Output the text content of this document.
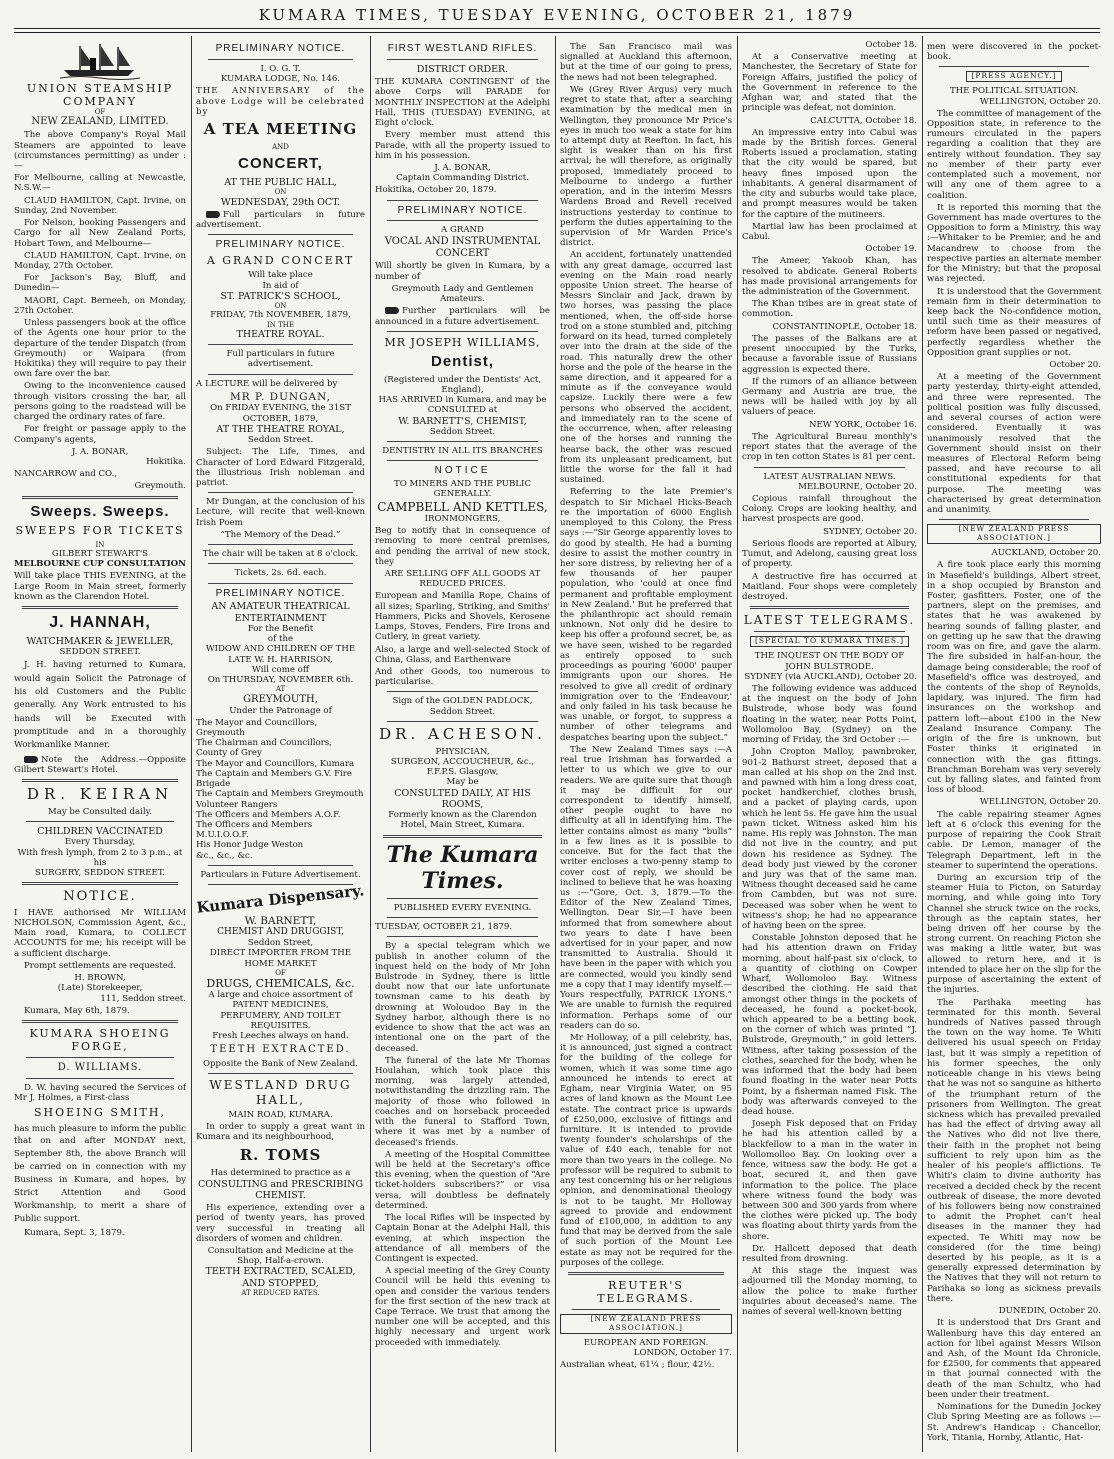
KUMARA TIMES, TUESDAY EVENING, OCTOBER 21, 1879
UNION STEAMSHIP COMPANY
OF
NEW ZEALAND, LIMITED.
The above Company's Royal Mail Steamers are appointed to leave (circumstances permitting) as under :—
For Melbourne, calling at Newcastle, N.S.W.—
CLAUD HAMILTON, Capt. Irvine, on Sunday, 2nd November.
For Nelson, booking Passengers and Cargo for all New Zealand Ports, Hobart Town, and Melbourne—
CLAUD HAMILTON, Capt. Irvine, on Monday, 27th October.
For Jackson's Bay, Bluff, and Dunedin—
MAORI, Capt. Berneeh, on Monday, 27th October.
Unless passengers book at the office of the Agents one hour prior to the departure of the tender Dispatch (from Greymouth) or Waipara (from Hokitika) they will require to pay their own fare over the bar.
Owing to the inconvenience caused through visitors crossing the bar, all persons going to the roadstead will be charged the ordinary rates of fare.
For freight or passage apply to the Company's agents,
J. A. BONAR,
Hokitika.
NANCARROW and CO.,
Greymouth.
Sweeps. Sweeps.
SWEEPS FOR TICKETS
IN
GILBERT STEWART'S
MELBOURNE CUP CONSULTATION
Will take place THIS EVENING, at the Large Room in Main street, formerly known as the Clarendon Hotel.
J. HANNAH,
WATCHMAKER & JEWELLER,
SEDDON STREET.
J. H. having returned to Kumara, would again Solicit the Patronage of his old Customers and the Public generally. Any Work entrusted to his hands will be Executed with promptitude and in a thoroughly Workmanlike Manner.
Note the Address.—Opposite Gilbert Stewart's Hotel.
DR. KEIRAN
May be Consulted daily.
CHILDREN VACCINATED
Every Thursday,
With fresh lymph, from 2 to 3 p.m., at his
SURGERY, SEDDON STREET.
NOTICE.
I HAVE authorised Mr WILLIAM NICHOLSON, Commission Agent, &c., Main road, Kumara, to COLLECT ACCOUNTS for me; his receipt will be a sufficient discharge.
Prompt settlements are requested.
H. BROWN,
(Late) Storekeeper,
111, Seddon street.
Kumara, May 6th, 1879.
KUMARA SHOEING FORGE,
D. WILLIAMS.
D. W. having secured the Services of Mr J. Holmes, a First-class
SHOEING SMITH,
has much pleasure to inform the public that on and after MONDAY next, September 8th, the above Branch will be carried on in connection with my Business in Kumara, and hopes, by Strict Attention and Good Workmanship, to merit a share of Public support.
Kumara, Sept. 3, 1879.
PRELIMINARY NOTICE.
I. O. G. T.
KUMARA LODGE, No. 146.
THE ANNIVERSARY of the above Lodge will be celebrated by
A TEA MEETING
AND
CONCERT,
AT THE PUBLIC HALL,
ON
WEDNESDAY, 29th OCT.
Full particulars in future advertisement.
PRELIMINARY NOTICE.
A GRAND CONCERT
Will take place
In aid of
ST. PATRICK'S SCHOOL,
ON
FRIDAY, 7th NOVEMBER, 1879,
IN THE
THEATRE ROYAL.
Full particulars in future advertisement.
A LECTURE will be delivered by
MR P. DUNGAN,
On FRIDAY EVENING, the 31ST OCTOBER, 1879,
AT THE THEATRE ROYAL,
Seddon Street.
Subject: The Life, Times, and Character of Lord Edward Fitzgerald, the illustrious Irish nobleman and patriot.
Mr Dungan, at the conclusion of his Lecture, will recite that well-known Irish Poem
“The Memory of the Dead.”
The chair will be taken at 8 o'clock.
Tickets, 2s. 6d. each.
PRELIMINARY NOTICE.
AN AMATEUR THEATRICAL ENTERTAINMENT
For the Benefit
of the
WIDOW AND CHILDREN OF THE LATE W. H. HARRISON,
Will come off
On THURSDAY, NOVEMBER 6th.
AT
GREYMOUTH,
Under the Patronage of
The Mayor and Councillors, Greymouth
The Chairman and Councillors, County of Grey
The Mayor and Councillors, Kumara
The Captain and Members G.V. Fire Brigade
The Captain and Members Greymouth Volunteer Rangers
The Officers and Members A.O.F.
The Officers and Members M.U.I.O.O.F.
His Honor Judge Weston
&c., &c., &c.
Particulars in Future Advertisement.
Kumara Dispensary.
W. BARNETT,
CHEMIST AND DRUGGIST,
Seddon Street,
DIRECT IMPORTER FROM THE HOME MARKET
OF
DRUGS, CHEMICALS, &c.
A large and choice assortment of
PATENT MEDICINES,
PERFUMERY, AND TOILET REQUISITES.
Fresh Leeches always on hand.
TEETH EXTRACTED.
Opposite the Bank of New Zealand.
WESTLAND DRUG HALL,
MAIN ROAD, KUMARA.
In order to supply a great want in Kumara and its neighbourhood,
R. TOMS
Has determined to practice as a
CONSULTING and PRESCRIBING CHEMIST.
His experience, extending over a period of twenty years, has proved very successful in treating all disorders of women and children.
Consultation and Medicine at the Shop, Half-a-crown.
TEETH EXTRACTED, SCALED, AND STOPPED,
AT REDUCED RATES.
FIRST WESTLAND RIFLES.
DISTRICT ORDER.
THE KUMARA CONTINGENT of the above Corps will PARADE for MONTHLY INSPECTION at the Adelphi Hall, THIS (TUESDAY) EVENING, at Eight o'clock.
Every member must attend this Parade, with all the property issued to him in his possession.
J. A. BONAR,
Captain Commanding District.
Hokitika, October 20, 1879.
PRELIMINARY NOTICE.
A GRAND
VOCAL AND INSTRUMENTAL CONCERT
Will shortly be given in Kumara, by a number of
Greymouth Lady and Gentlemen Amateurs.
Further particulars will be announced in a future advertisement.
MR JOSEPH WILLIAMS,
Dentist,
(Registered under the Dentists' Act, England),
HAS ARRIVED in Kumara, and may be CONSULTED at
W. BARNETT'S, CHEMIST,
Seddon Street.
DENTISTRY IN ALL ITS BRANCHES
NOTICE
TO MINERS AND THE PUBLIC GENERALLY.
CAMPBELL AND KETTLES,
IRONMONGERS,
Beg to notify that in consequence of removing to more central premises, and pending the arrival of new stock, they
ARE SELLING OFF ALL GOODS AT REDUCED PRICES.
European and Manilla Rope, Chains of all sizes; Sparling, Striking, and Smiths' Hammers, Picks and Shovels, Kerosene Lamps, Stoves, Fenders, Fire Irons and Cutlery, in great variety.
Also, a large and well-selected Stock of China, Glass, and Earthenware
And other Goods, too numerous to particularise.
Sign of the GOLDEN PADLOCK, Seddon Street.
DR. ACHESON.
PHYSICIAN,
SURGEON, ACCOUCHEUR, &c.,
F.F.P.S. Glasgow,
May be
CONSULTED DAILY, AT HIS ROOMS,
Formerly known as the Clarendon Hotel, Main Street, Kumara.
The Kumara Times.
PUBLISHED EVERY EVENING.
TUESDAY, OCTOBER 21, 1879.
By a special telegram which we publish in another column of the inquest held on the body of Mr John Bulstrode in Sydney, there is little doubt now that our late unfortunate townsman came to his death by drowning at Woloudoo Bay in the Sydney harbor, although there is no evidence to show that the act was an intentional one on the part of the deceased.
The funeral of the late Mr Thomas Houlahan, which took place this morning, was largely attended, notwithstanding the drizzling rain. The majority of those who followed in coaches and on horseback proceeded with the funeral to Stafford Town, where it was met by a number of deceased's friends.
A meeting of the Hospital Committee will be held at the Secretary's office this evening, when the question of “Are ticket-holders subscribers?” or visa versa, will doubtless be definately determined.
The local Rifles will be inspected by Captain Bonar at the Adelphi Hall, this evening, at which inspection the attendance of all members of the Contingent is expected.
A special meeting of the Grey County Council will be held this evening to open and consider the various tenders for the first section of the new track at Cape Terrace. We trust that among the number one will be accepted, and this highly necessary and urgent work proceeded with immediately.
The San Francisco mail was signalled at Auckland this afternoon, but at the time of our going to press, the news had not been telegraphed.
We (Grey River Argus) very much regret to state that, after a searching examination by the medical men in Wellington, they pronounce Mr Price's eyes in much too weak a state for him to attempt duty at Reefton. In fact, his sight is weaker than on his first arrival; he will therefore, as originally proposed, immediately proceed to Melbourne to undergo a further operation, and in the interim Messrs Wardens Broad and Revell received instructions yesterday to continue to perform the duties appertaining to the supervision of Mr Warden Price's district.
An accident, fortunately unattended with any great damage, occurred last evening on the Main road nearly opposite Union street. The hearse of Messrs Sinclair and Jack, drawn by two horses, was passing the place mentioned, when, the off-side horse trod on a stone stumbled and, pitching forward on its head, turned completely over into the drain at the side of the road. This naturally drew the other horse and the pole of the hearse in the same direction, and it appeared for a minute as if the conveyance would capsize. Luckily there were a few persons who observed the accident, and immediately ran to the scene of the occurrence, when, after releasing one of the horses and running the hearse back, the other was rescued from its unpleasant predicament, but little the worse for the fall it had sustained.
Referring to the late Premier's despatch to Sir Michael Hicks-Beach re the importation of 6000 English unemployed to this Colony, the Press says :—“Sir George apparently loves to do good by stealth. He had a burning desire to assist the mother country in her sore distress, by relieving her of a few thousands of her pauper population, who 'could at once find permanent and profitable employment in New Zealand.' But he preferred that the philanthropic act should remain unknown. Not only did he desire to keep his offer a profound secret, be, as we have seen, wished to be regarded as entirely opposed to such proceedings as pouring '6000' pauper immigrants upon our shores. He resolved to give all credit of ordinary immigration over to the 'Endeavour,' and only failed in his task because he was unable, or forgot, to suppress a number of other telegrams and despatches bearing upon the subject.”
The New Zealand Times says :—A real true Irishman has forwarded a letter to us which we give to our readers. We are quite sure that though it may be difficult for our correspondent to identify himself, other people ought to have no difficulty at all in identifying him. The letter contains almost as many “bulls” in a few lines as it is possible to conceive. But for the fact that the writer encloses a two-penny stamp to cover cost of reply, we should be inclined to believe that he was hoaxing us :—“Gore, Oct. 3, 1879.—To the Editor of the New Zealand Times, Wellington. Dear Sir,—I have been informed that from somewhere about two years to date I have been advertised for in your paper, and now transmitted to Australia. Should it have been in the paper with which you are connected, would you kindly send me a copy that I may identify myself.—Yours respectfully, PATRICK LYONS.” We are unable to furnish the required information. Perhaps some of our readers can do so.
Mr Holloway, of a pill celebrity, has, it is announced, just signed a contract for the building of the college for women, which it was some time ago announced he intends to erect at Egham, near Virginia Water, on 95 acres of land known as the Mount Lee estate. The contract price is upwards of £250,000, exclusive of fittings and furniture. It is intended to provide twenty founder's scholarships of the value of £40 each, tenable for not more than two years in the college. No professor will be required to submit to any test concerning his or her religious opinion, and denominational theology is not to be taught. Mr Holloway agreed to provide and endowment fund of £100,000, in addition to any fund that may be derived from the sale of such portion of the Mount Lee estate as may not be required for the purposes of the college.
REUTER'S TELEGRAMS.
[NEW ZEALAND PRESS ASSOCIATION.]
EUROPEAN AND FOREIGN.
LONDON, October 17.
Australian wheat, 61¼ ; flour, 42½.
October 18.
At a Conservative meeting at Manchester, the Secretary of State for Foreign Affairs, justified the policy of the Government in reference to the Afghan war, and stated that the principle was defeat, not dominion.
CALCUTTA, October 18.
An impressive entry into Cabul was made by the British forces. General Roberts issued a proclamation, stating that the city would be spared, but heavy fines imposed upon the inhabitants. A general disarmament of the city and suburbs would take place, and prompt measures would be taken for the capture of the mutineers.
Martial law has been proclaimed at Cabul.
October 19.
The Ameer, Yakoob Khan, has resolved to abdicate. General Roberts has made provisional arrangements for the administration of the Government.
The Khan tribes are in great state of commotion.
CONSTANTINOPLE, October 18.
The passes of the Balkans are at present unoccupied by the Turks, because a favorable issue of Russians aggression is expected there.
If the rumors of an alliance between Germany and Austria are true, the news will be hailed with joy by all valuers of peace.
NEW YORK, October 16.
The Agricultural Bureau monthly's report states that the average of the crop in ten cotton States is 81 per cent.
LATEST AUSTRALIAN NEWS.
MELBOURNE, October 20.
Copious rainfall throughout the Colony. Crops are looking healthy, and harvest prospects are good.
SYDNEY, October 20.
Serious floods are reported at Albury, Tumut, and Adelong, causing great loss of property.
A destructive fire has occurred at Maitland. Four shops were completely destroyed.
LATEST TELEGRAMS.
[SPECIAL TO KUMARA TIMES.]
THE INQUEST ON THE BODY OF JOHN BULSTRODE.
SYDNEY (via AUCKLAND), October 20.
The following evidence was adduced at the inquest on the body of John Bulstrode, whose body was found floating in the water, near Potts Point, Wollomoloo Bay, (Sydney) on the morning of Friday, the 3rd October :—
John Cropton Malloy, pawnbroker, 901-2 Bathurst street, deposed that a man called at his shop on the 2nd inst. and pawned with him a long dress coat, pocket handkerchief, clothes brush, and a packet of playing cards, upon which he lent 5s. He gave him the usual pawn ticket. Witness asked him his name. His reply was Johnston. The man did not live in the country, and put down his residence as Sydney. The dead body just viewed by the coroner and jury was that of the same man. Witness thought deceased said he came from Cambden, but was not sure. Deceased was sober when he went to witness's shop; he had no appearance of having been on the spree.
Constable Johnston deposed that he had his attention drawn on Friday morning, about half-past six o'clock, to a quantity of clothing on Cowper Wharf, Wollomoloo Bay. Witness described the clothing. He said that amongst other things in the pockets of deceased, he found a pocket-book, which appeared to be a betting book, on the corner of which was printed “J. Bulstrode, Greymouth,” in gold letters. Witness, after taking possession of the clothes, searched for the body, when he was informed that the body had been found floating in the water near Potts Point, by a fisherman named Fisk. The body was afterwards conveyed to the dead house.
Joseph Fisk deposed that on Friday he had his attention called by a blackfellow to a man in the water in Wollomolloo Bay. On looking over a fence, witness saw the body. He got a boat, secured it, and then gave information to the police. The place where witness found the body was between 300 and 300 yards from where the clothes were picked up. The body was floating about thirty yards from the shore.
Dr. Hallcett deposed that death resulted from drowning.
At this stage the inquest was adjourned till the Monday morning, to allow the police to make further inquiries about deceased's name. The names of several well-known betting
men were discovered in the pocket-book.
[PRESS AGENCY.]
THE POLITICAL SITUATION.
WELLINGTON, October 20.
The committee of management of the Opposition state, in reference to the rumours circulated in the papers regarding a coalition that they are entirely without foundation. They say no member of their party ever contemplated such a movement, nor will any one of them agree to a coalition.
It is reported this morning that the Government has made overtures to the Opposition to form a Ministry, this way :—Whitaker to be Premier, and he and Macandrew to choose from the respective parties an alternate member for the Ministry; but that the proposal was rejected.
It is understood that the Government remain firm in their determination to keep back the No-confidence motion, until such time as their measures of reform have been passed or negatived, perfectly regardless whether the Opposition grant supplies or not.
October 20.
At a meeting of the Government party yesterday, thirty-eight attended, and three were represented. The political position was fully discussed, and several courses of action were considered. Eventually it was unanimously resolved that the Government should insist on their measures of Electoral Reform being passed, and have recourse to all constitutional expedients for that purpose. The meeting was characterised by great determination and unanimity.
[NEW ZEALAND PRESS ASSOCIATION.]
AUCKLAND, October 20.
A fire took place early this morning in Masefield's buildings, Albert street, in a shop occupied by Branston and Foster, gasfitters. Foster, one of the partners, slept on the premises, and states that he was awakened by hearing sounds of falling plaster, and on getting up he saw that the drawing room was on fire, and gave the alarm. The fire subsided in half-an-hour, the damage being considerable; the roof of Masefield's office was destroyed, and the contents of the shop of Reynolds, lapidary, was injured. The firm had insurances on the workshop and pattern loft—about £100 in the New Zealand Insurance Company. The origin of the fire is unknown, but Foster thinks it originated in connection with the gas fittings. Branchman Boreham was very severely cut by falling slates, and fainted from loss of blood.
WELLINGTON, October 20.
The cable repairing steamer Agnes left at 6 o'clock this evening for the purpose of repairing the Cook Strait cable. Dr Lemon, manager of the Telegraph Department, left in the steamer to superintend the operations.
During an excursion trip of the steamer Huia to Picton, on Saturday morning, and while going into Tory Channel she struck twice on the rocks, through as the captain states, her being driven off her course by the strong current. On reaching Picton she was making a little water, but was allowed to return here, and it is intended to place her on the slip for the purpose of ascertaining the extent of the injuries.
The Parihaka meeting has terminated for this month. Several hundreds of Natives passed through the town on the way home. Te Whiti delivered his usual speech on Friday last, but it was simply a repetition of his former speeches, the only noticeable change in his views being that he was not so sanguine as hitherto of the triumphant return of the prisoners from Wellington. The great sickness which has prevailed prevailed has had the effect of driving away all the Natives who did not live there, their faith in the prophet not being sufficient to rely upon him as the healer of his people's afflictions. Te Whiti's claim to divine authority has received a decided check by the recent outbreak of disease, the more devoted of his followers being now constrained to admit the Prophet can't heal diseases in the manner they had expected. Te Whiti may now be considered (for the time being) deserted by his people, as it is a generally expressed determination by the Natives that they will not return to Parihaka so long as sickness prevails there.
DUNEDIN, October 20.
It is understood that Drs Grant and Wallenburg have this day entered an action for libel against Messrs Wilson and Ash, of the Mount Ida Chronicle, for £2500, for comments that appeared in that journal connected with the death of the man Schultz, who had been under their treatment.
Nominations for the Dunedin Jockey Club Spring Meeting are as follows :— St. Andrew's Handicap : Chancellor, York, Titania, Hornby, Atlantic, Hat-
